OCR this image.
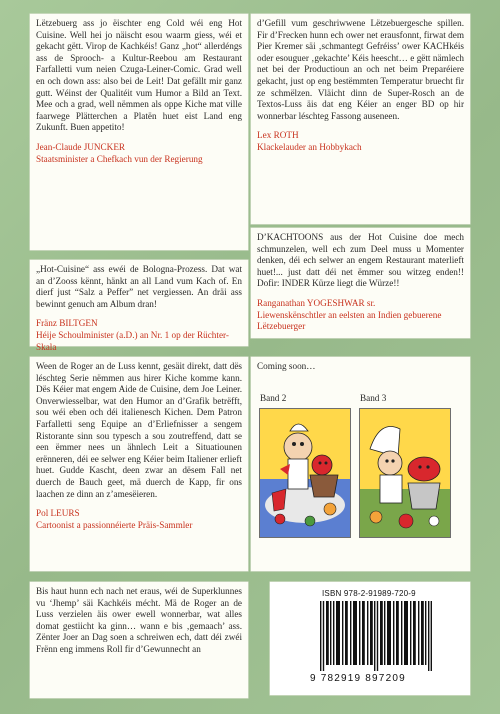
Lëtzebuerg ass jo ëischter eng Cold wéi eng Hot Cuisine. Well hei jo näischt esou waarm giess, wéi et gekacht gëtt. Virop de Kachkéis! Ganz „hot“ allerdéngs ass de Sprooch- a Kultur-Reebou am Restaurant Farfalletti vum neien Czuga-Leiner-Comic. Grad well en och down ass: also bei de Leit! Dat gefällt mir ganz gutt. Wéinst der Qualitéit vum Humor a Bild an Text. Mee och a grad, well nëmmen als oppe Kiche mat ville faarwege Plätterchen a Platën huet eist Land eng Zukunft. Buen appetito!

Jean-Claude JUNCKER
Staatsminister a Chefkach vun der Regierung

d’Gefill vum geschriwwene Lëtzebuergesche spillen. Fir d’Frecken hunn ech ower net erausfonnt, firwat dem Pier Kremer säi ‚schmantegt Gefréiss’ ower KACHkéis oder esouguer ‚gekachte’ Kéis heescht… e gëtt nämlech net bei der Productioun an och net beim Preparéiere gekacht, just op eng bestëmmten Temperatur bruecht fir ze schmëlzen. Vläicht dinn de Super-Rosch an de Textos-Luss äis dat eng Kéier an enger BD op hir wonnerbar léschteg Fassong auseneen.

Lex ROTH
Klackelauder an Hobbykach

„Hot-Cuisine“ ass ewéi de Bologna-Prozess. Dat wat an d’Zooss kënnt, hänkt an all Land vum Kach of. En dierf just “Salz a Peffer” net vergiessen. An dräi ass bewinnt genuch am Album dran!

Fränz BILTGEN
Héije Schoulminister (a.D.) an Nr. 1 op der Rüchter-Skala

D’KACHTOONS aus der Hot Cuisine doe mech schmunzelen, well ech zum Deel muss u Momenter denken, déi ech selwer an engem Restaurant materlieft huet!... just datt déi net ëmmer sou witzeg enden!! Dofir: INDER Kürze liegt die Würze!!

Ranganathan YOGESHWAR sr.
Liewenskënschtler an eelsten an Indien gebuerene Lëtzebuerger

Ween de Roger an de Luss kennt, gesäit direkt, datt dës léschteg Serie nëmmen aus hirer Kiche komme kann. Dës Kéier mat engem Aide de Cuisine, dem Joe Leiner. Onverwiesselbar, wat den Humor an d’Grafik betrëfft, sou wéi eben och déi italienesch Kichen. Dem Patron Farfalletti seng Equipe an d’Erliefnisser a sengem Ristorante sinn sou typesch a sou zoutreffend, datt se een ëmmer nees un ähnlech Leit a Situatiounen erënneren, déi ee selwer eng Kéier beim Italiener erlieft huet. Gudde Kascht, deen zwar an dësem Fall net duerch de Bauch geet, mä duerch de Kapp, fir ons laachen ze dinn an z’amesëieren.

Pol LEURS
Cartoonist a passionnéierte Präis-Sammler

Coming soon…

Band 2	Band 3

Bis haut hunn ech nach net eraus, wéi de Superklunnes vu ‘Jhemp’ säi Kachkéis mécht. Mä de Roger an de Luss verzielen äis ower ewell wonnerbar, wat alles domat gestiicht ka ginn… wann e bis ‚gemaach’ ass. Zënter Joer an Dag soen a schreiwen ech, datt déi zwéi Frënn eng immens Roll fir d’Gewunnecht an

ISBN 978-2-91989-720-9
9 782919 897209
